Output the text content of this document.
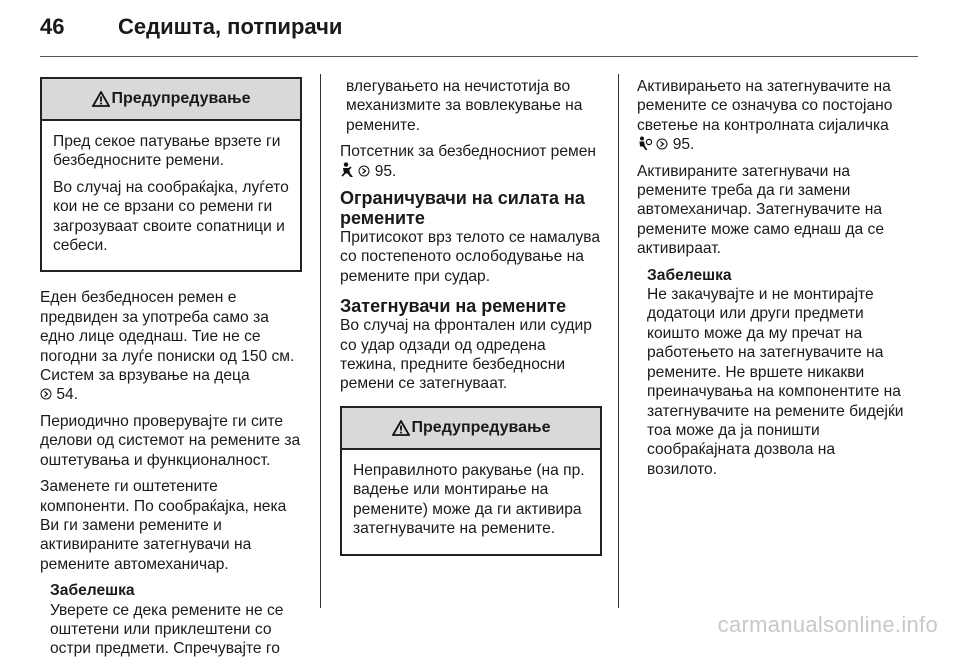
46 Седишта, потпирачи
Предупредување

Пред секое патување врзете ги безбедносните ремени.

Во случај на сообраќајка, луѓето кои не се врзани со ремени ги загрозуваат своите сопатници и себеси.

Еден безбедносен ремен е предвиден за употреба само за едно лице одеднаш. Тие не се погодни за луѓе пониски од 150 см. Систем за врзување на деца
54.

Периодично проверувајте ги сите делови од системот на ремените за оштетувања и функционалност.

Заменете ги оштетените компоненти. По сообраќајка, нека Ви ги замени ремените и активираните затегнувачи на ремените автомеханичар.

Забелешка
Уверете се дека ремените не се оштетени или приклештени со остри предмети. Спречувајте го

влегувањето на нечистотија во механизмите за вовлекување на ремените.

Потсетник за безбедносниот ремен
95.

Ограничувачи на силата на ремените

Притисокот врз телото се намалува со постепеното ослободување на ремените при судар.

Затегнувачи на ремените

Во случај на фронтален или судир со удар одзади од одредена тежина, предните безбедносни ремени се затегнуваат.

Предупредување

Неправилното ракување (на пр. вадење или монтирање на ремените) може да ги активира затегнувачите на ремените.

Активирањето на затегнувачите на ремените се означува со постојано светење на контролната сијаличка
95.

Активираните затегнувачи на ремените треба да ги замени автомеханичар. Затегнувачите на ремените може само еднаш да се активираат.

Забелешка
Не закачувајте и не монтирајте додатоци или други предмети коишто може да му пречат на работењето на затегнувачите на ремените. Не вршете никакви преиначувања на компонентите на затегнувачите на ремените бидејќи тоа може да ја поништи сообраќајната дозвола на возилото.
carmanualsonline.info
